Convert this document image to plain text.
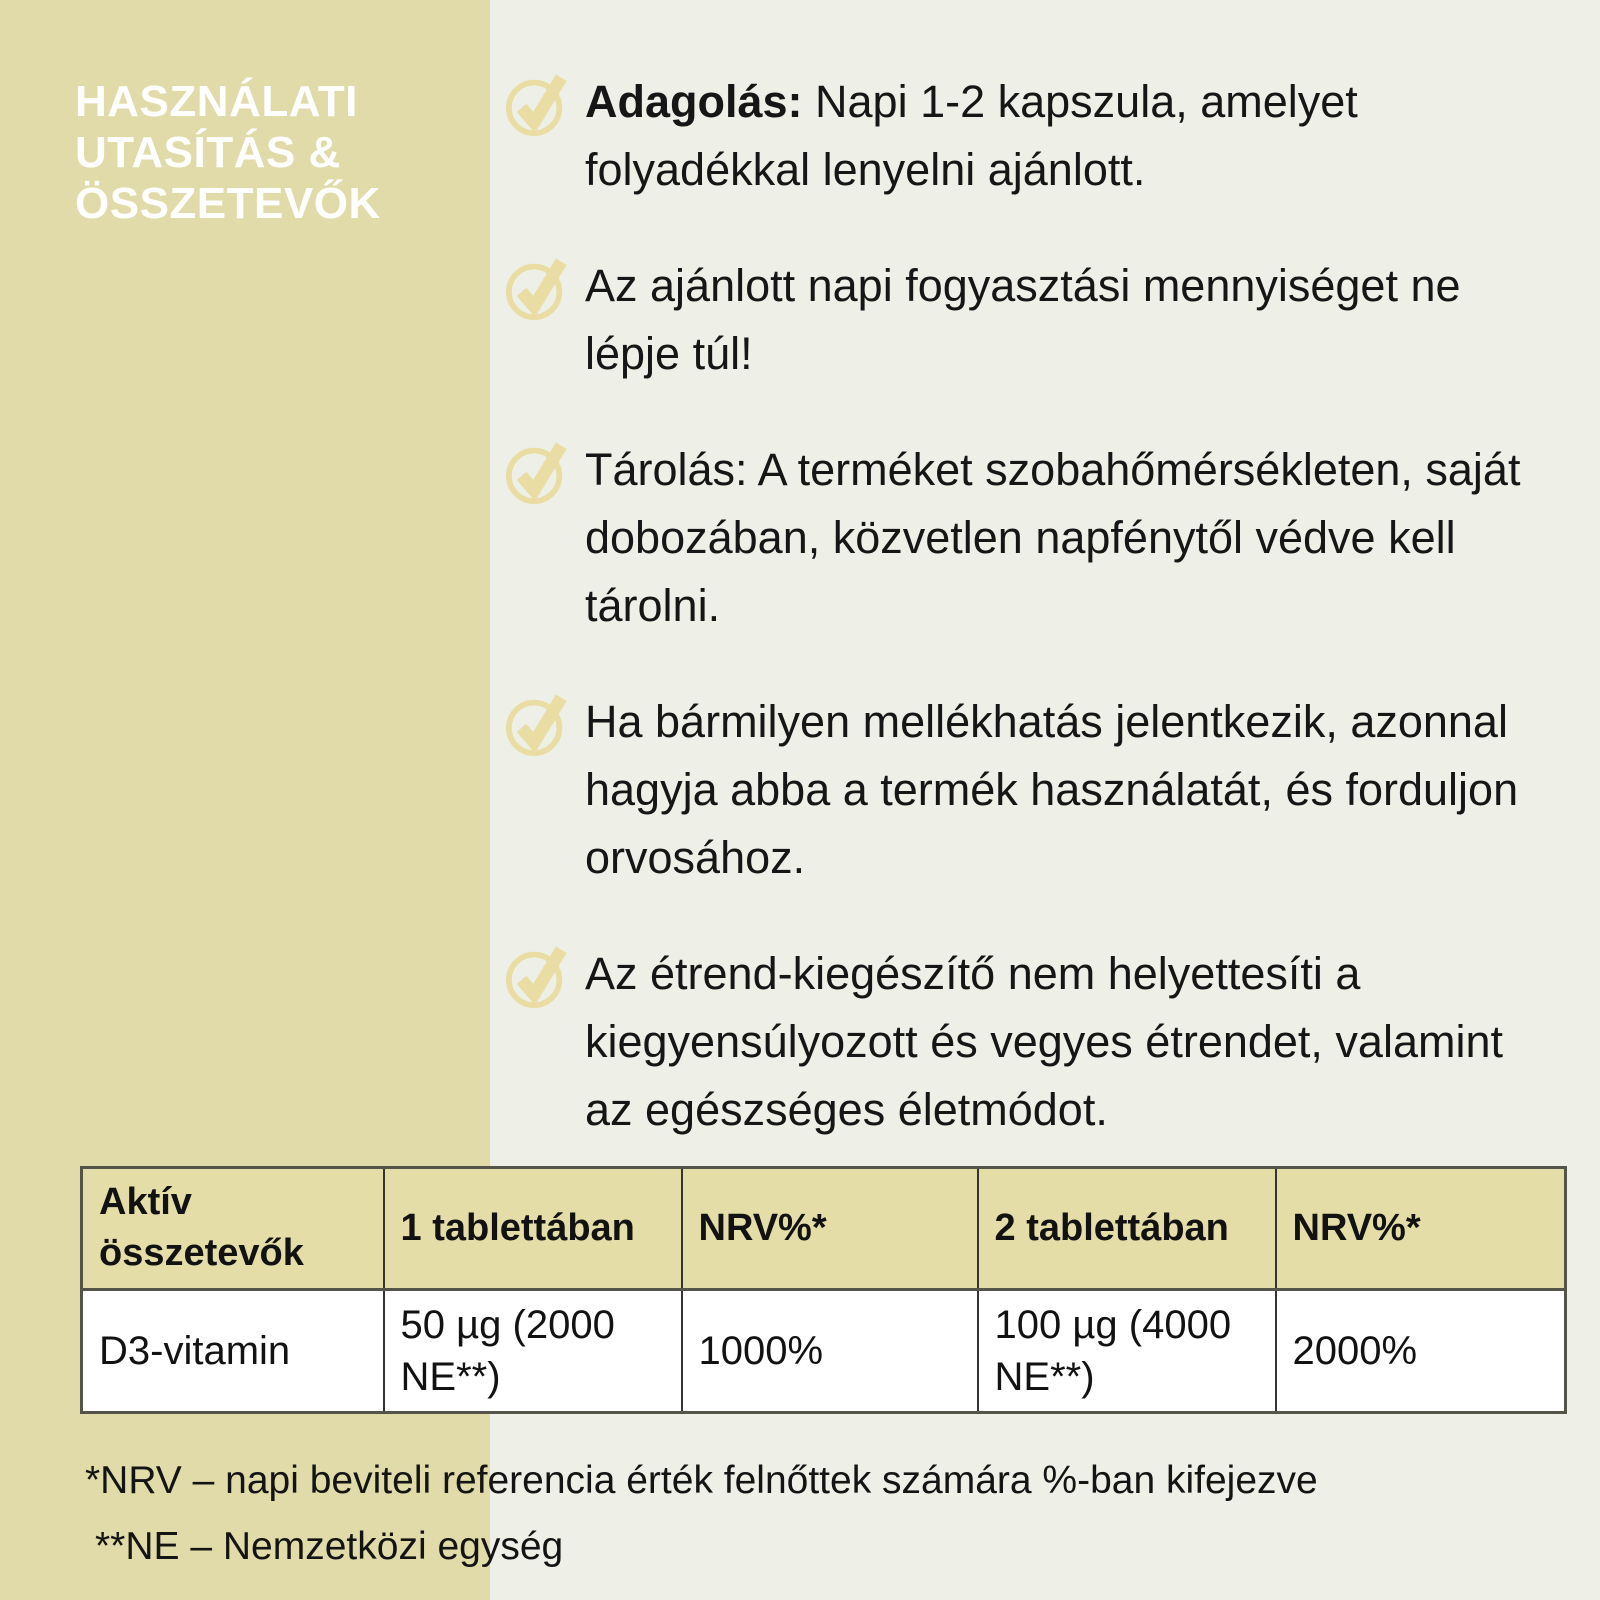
HASZNÁLATI
UTASÍTÁS &
ÖSSZETEVŐK
Adagolás: Napi 1-2 kapszula, amelyet folyadékkal lenyelni ajánlott.
Az ajánlott napi fogyasztási mennyiséget ne lépje túl!
Tárolás: A terméket szobahőmérsékleten, saját dobozában, közvetlen napfénytől védve kell tárolni.
Ha bármilyen mellékhatás jelentkezik, azonnal hagyja abba a termék használatát, és forduljon orvosához.
Az étrend-kiegészítő nem helyettesíti a kiegyensúlyozott és vegyes étrendet, valamint az egészséges életmódot.
Aktív összetevők	1 tablettában	NRV%*	2 tablettában	NRV%*
D3-vitamin	50 µg (2000 NE**)	1000%	100 µg (4000 NE**)	2000%
*NRV – napi beviteli referencia érték felnőttek számára %-ban kifejezve
**NE – Nemzetközi egység
